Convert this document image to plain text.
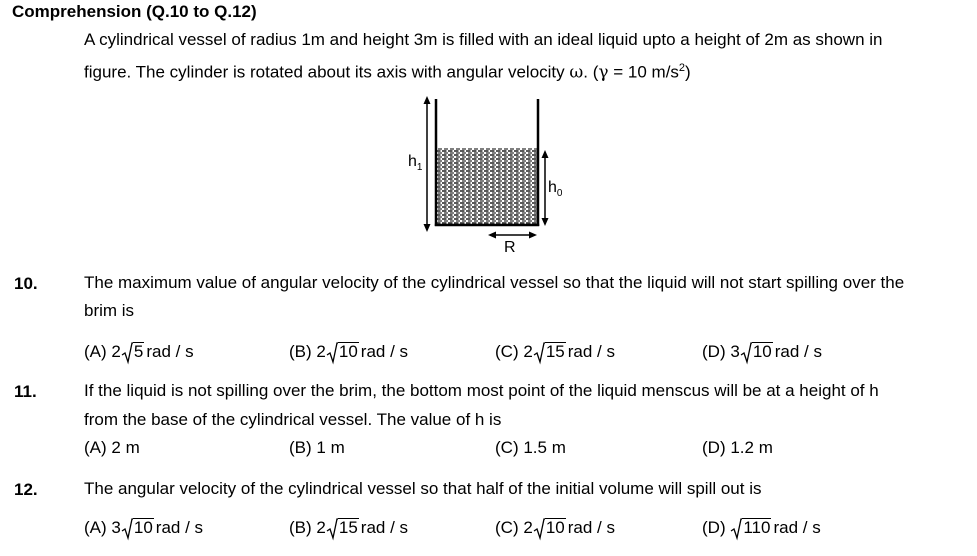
Comprehension (Q.10 to Q.12)
A cylindrical vessel of radius 1m and height 3m is filled with an ideal liquid upto a height of 2m as shown in
figure. The cylinder is rotated about its axis with angular velocity ω. (γ = 10 $m/s^2$)
$h_1$
$h_0$
R
10.	The maximum value of angular velocity of the cylindrical vessel so that the liquid will not start spilling over the
brim is
(A) 2 5 rad / s	(B) 2 10 rad / s	(C) 2 15 rad / s	(D) 3 10 rad / s
11.	If the liquid is not spilling over the brim, the bottom most point of the liquid menscus will be at a height of h
from the base of the cylindrical vessel. The value of h is
(A) 2 m	(B) 1 m	(C) 1.5 m	(D) 1.2 m
12.	The angular velocity of the cylindrical vessel so that half of the initial volume will spill out is
(A) 3 10 rad / s	(B) 2 15 rad / s	(C) 2 10 rad / s	(D) 110 rad / s
